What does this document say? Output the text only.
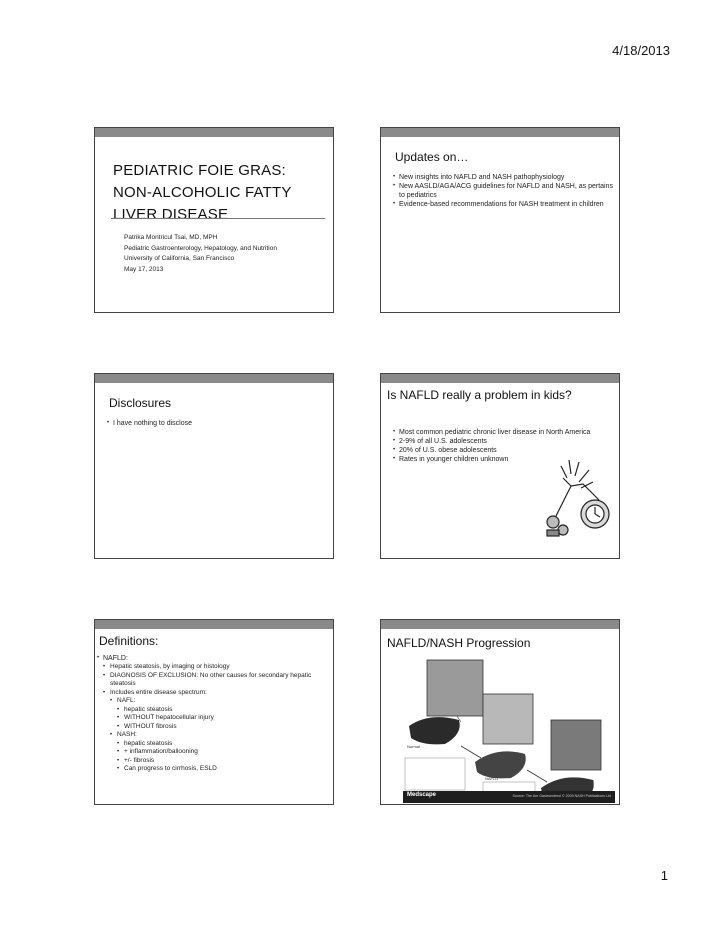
4/18/2013
PEDIATRIC FOIE GRAS:
NON-ALCOHOLIC FATTY
LIVER DISEASE
Patrika Montricul Tsai, MD, MPH
Pediatric Gastroenterology, Hepatology, and Nutrition
University of California, San Francisco
May 17, 2013
Updates on…
• New insights into NAFLD and NASH pathophysiology
• New AASLD/AGA/ACG guidelines for NAFLD and NASH, as pertains to pediatrics
• Evidence-based recommendations for NASH treatment in children
Disclosures
• I have nothing to disclose
Is NAFLD really a problem in kids?
• Most common pediatric chronic liver disease in North America
• 2-9% of all U.S. adolescents
• 20% of U.S. obese adolescents
• Rates in younger children unknown
Definitions:
• NAFLD:
• Hepatic steatosis, by imaging or histology
• DIAGNOSIS OF EXCLUSION: No other causes for secondary hepatic steatosis
• Includes entire disease spectrum:
• NAFL:
• hepatic steatosis
• WITHOUT hepatocellular injury
• WITHOUT fibrosis
• NASH:
• hepatic steatosis
• + inflammation/ballooning
• +/- fibrosis
• Can progress to cirrhosis, ESLD
NAFLD/NASH Progression
Normal
NAFLD	NASH/fibrosis
Medscape	Source: The Am Gastroenterol © 2009 NASH Publications Ltd
1
